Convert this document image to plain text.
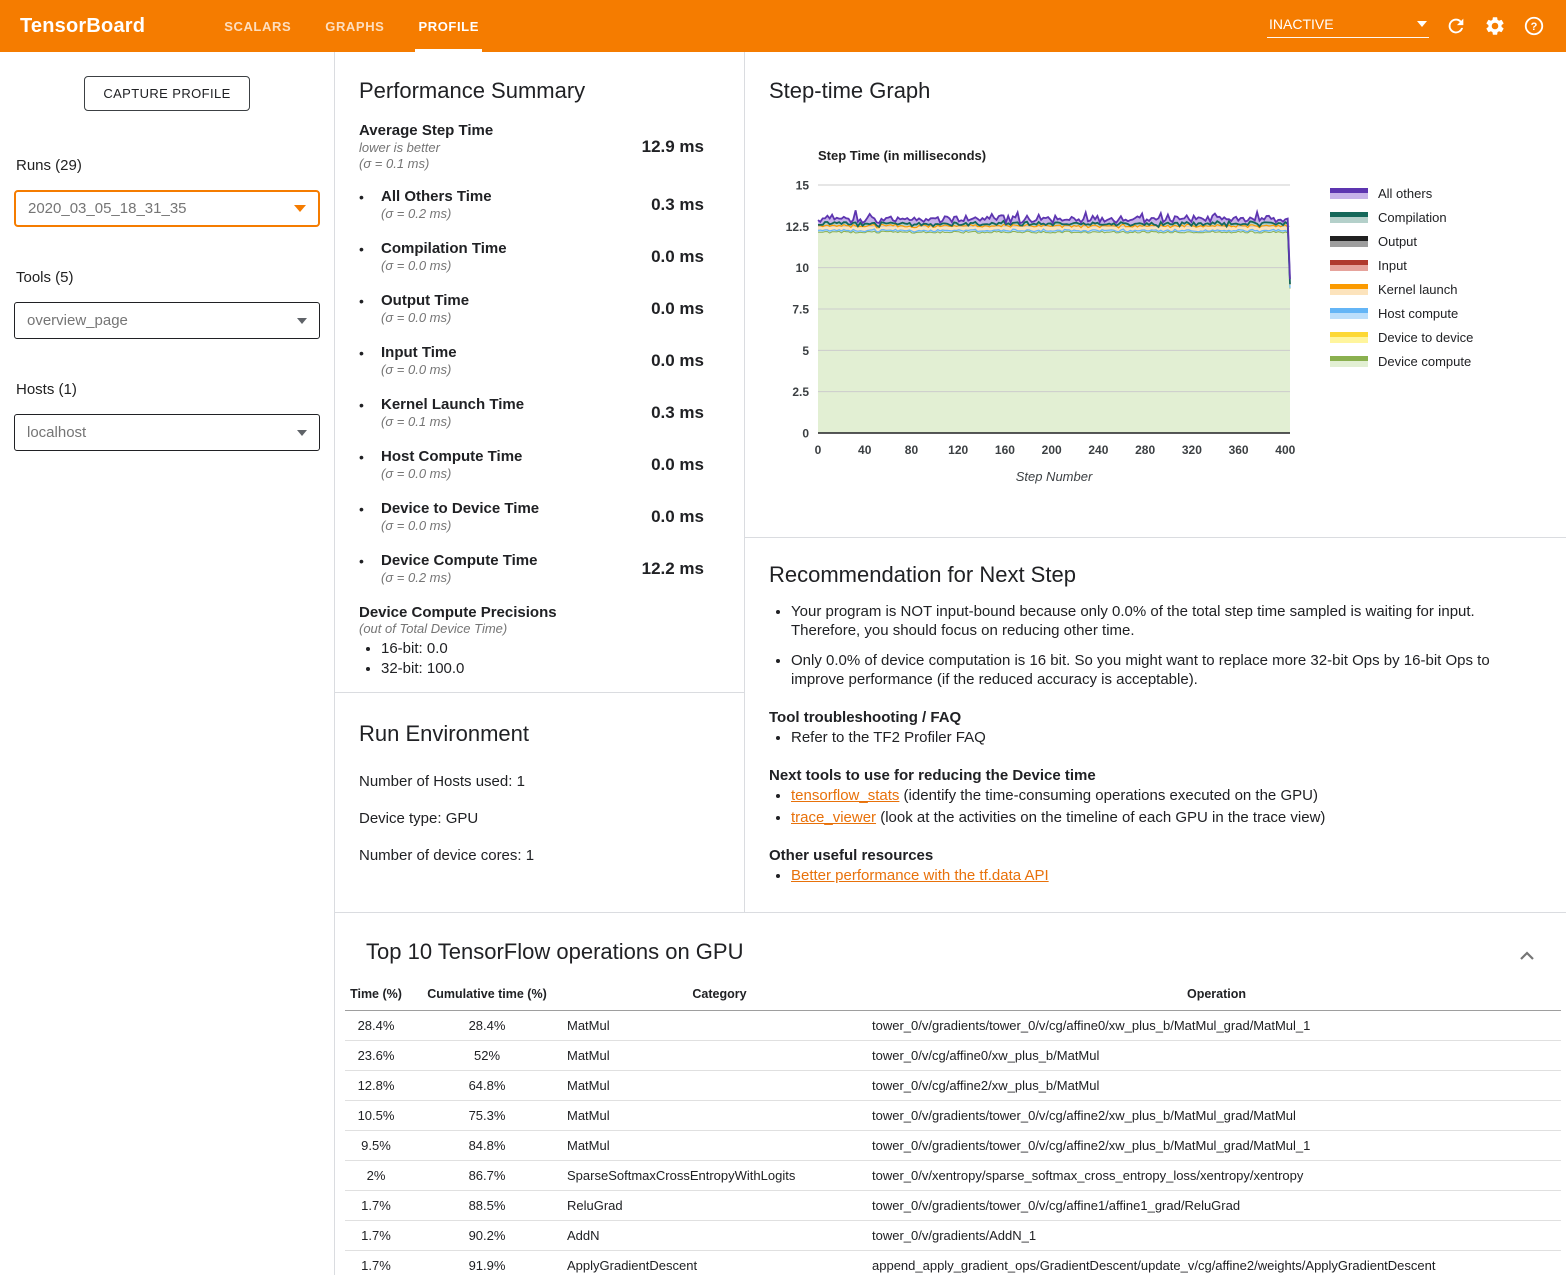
TensorBoard	SCALARS	GRAPHS	PROFILE	INACTIVE	?
CAPTURE PROFILE
Runs (29)
2020_03_05_18_31_35
Tools (5)
overview_page
Hosts (1)
localhost
Performance Summary
Average Step Time
lower is better
(σ = 0.1 ms)
12.9 ms
•	All Others Time
(σ = 0.2 ms)	0.3 ms
•	Compilation Time
(σ = 0.0 ms)	0.0 ms
•	Output Time
(σ = 0.0 ms)	0.0 ms
•	Input Time
(σ = 0.0 ms)	0.0 ms
•	Kernel Launch Time
(σ = 0.1 ms)	0.3 ms
•	Host Compute Time
(σ = 0.0 ms)	0.0 ms
•	Device to Device Time
(σ = 0.0 ms)	0.0 ms
•	Device Compute Time
(σ = 0.2 ms)	12.2 ms
Device Compute Precisions
(out of Total Device Time)
• 16-bit: 0.0
• 32-bit: 100.0
Run Environment

Number of Hosts used: 1

Device type: GPU

Number of device cores: 1

Step-time Graph
Step Time (in milliseconds)
0
2.5
5
7.5
10
12.5
15
0	40	80	120 160 200 240 280 320 360 400
Step Number
All others
Compilation
Output
Input
Kernel launch
Host compute
Device to device
Device compute
Recommendation for Next Step
• Your program is NOT input-bound because only 0.0% of the total step time sampled is waiting for input. Therefore, you should focus on reducing other time.
• Only 0.0% of device computation is 16 bit. So you might want to replace more 32-bit Ops by 16-bit Ops to improve performance (if the reduced accuracy is acceptable).
Tool troubleshooting / FAQ
• Refer to the TF2 Profiler FAQ
Next tools to use for reducing the Device time
• tensorflow_stats (identify the time-consuming operations executed on the GPU)
• trace_viewer (look at the activities on the timeline of each GPU in the trace view)
Other useful resources
• Better performance with the tf.data API
Top 10 TensorFlow operations on GPU
Time (%)	Cumulative time (%)	Category	Operation
28.4%	28.4%	MatMul	tower_0/v/gradients/tower_0/v/cg/affine0/xw_plus_b/MatMul_grad/MatMul_1
23.6%	52%	MatMul	tower_0/v/cg/affine0/xw_plus_b/MatMul
12.8%	64.8%	MatMul	tower_0/v/cg/affine2/xw_plus_b/MatMul
10.5%	75.3%	MatMul	tower_0/v/gradients/tower_0/v/cg/affine2/xw_plus_b/MatMul_grad/MatMul
9.5%	84.8%	MatMul	tower_0/v/gradients/tower_0/v/cg/affine2/xw_plus_b/MatMul_grad/MatMul_1
2%	86.7%	SparseSoftmaxCrossEntropyWithLogits	tower_0/v/xentropy/sparse_softmax_cross_entropy_loss/xentropy/xentropy
1.7%	88.5%	ReluGrad	tower_0/v/gradients/tower_0/v/cg/affine1/affine1_grad/ReluGrad
1.7%	90.2%	AddN	tower_0/v/gradients/AddN_1
1.7%	91.9%	ApplyGradientDescent	append_apply_gradient_ops/GradientDescent/update_v/cg/affine2/weights/ApplyGradientDescent
